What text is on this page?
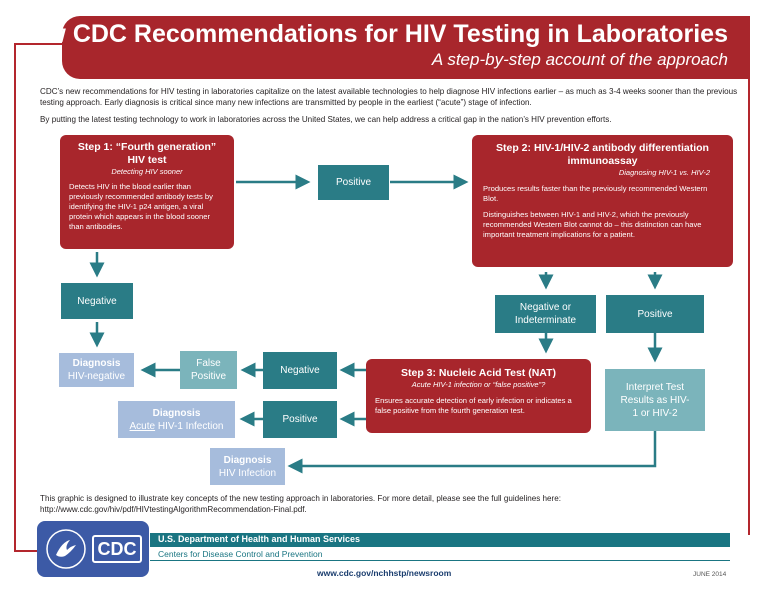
New CDC Recommendations for HIV Testing in Laboratories
A step-by-step account of the approach
CDC’s new recommendations for HIV testing in laboratories capitalize on the latest available technologies to help diagnose HIV infections earlier – as much as 3-4 weeks sooner than the previous testing approach. Early diagnosis is critical since many new infections are transmitted by people in the earliest (“acute”) stage of infection.
By putting the latest testing technology to work in laboratories across the United States, we can help address a critical gap in the nation’s HIV prevention efforts.
Step 1: “Fourth generation” HIV test
Detecting HIV sooner
Detects HIV in the blood earlier than previously recommended antibody tests by identifying the HIV-1 p24 antigen, a viral protein which appears in the blood sooner than antibodies.
Positive
Step 2: HIV-1/HIV-2 antibody differentiation immunoassay
Diagnosing HIV-1 vs. HIV-2
Produces results faster than the previously recommended Western Blot.
Distinguishes between HIV-1 and HIV-2, which the previously recommended Western Blot cannot do – this distinction can have important treatment implications for a patient.
Negative
Negative or Indeterminate
Positive
Step 3: Nucleic Acid Test (NAT)
Acute HIV-1 infection or “false positive”?
Ensures accurate detection of early infection or indicates a false positive from the fourth generation test.
Negative
Positive
False Positive
Interpret Test Results as HIV-1 or HIV-2
Diagnosis
HIV-negative
Diagnosis
Acute HIV-1 Infection
Diagnosis
HIV Infection
This graphic is designed to illustrate key concepts of the new testing approach in laboratories. For more detail, please see the full guidelines here: http://www.cdc.gov/hiv/pdf/HIVtestingAlgorithmRecommendation-Final.pdf.
CDC	U.S. Department of Health and Human Services
Centers for Disease Control and Prevention
www.cdc.gov/nchhstp/newsroom	JUNE 2014
